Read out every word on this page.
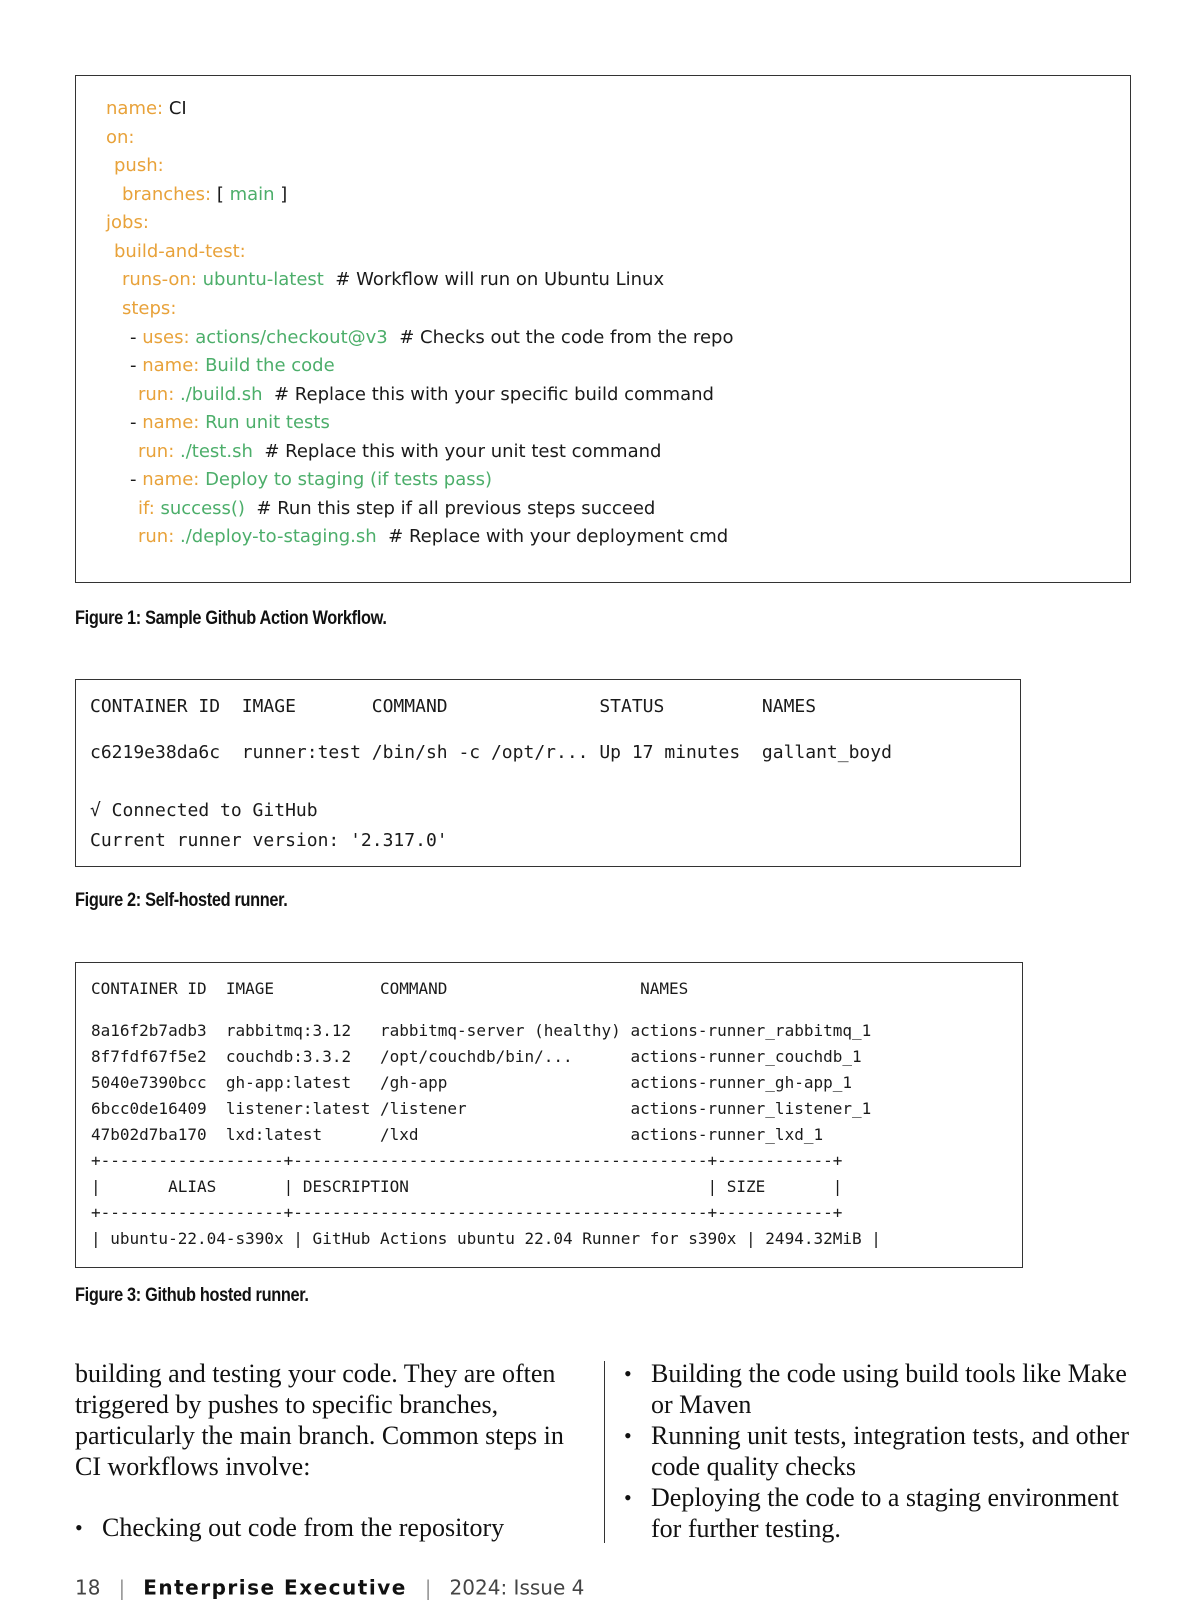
name: CI
on:
push:
branches: [ main ]
jobs:
build-and-test:
runs-on: ubuntu-latest  # Workflow will run on Ubuntu Linux
steps:
- uses: actions/checkout@v3  # Checks out the code from the repo
- name: Build the code
run: ./build.sh  # Replace this with your specific build command
- name: Run unit tests
run: ./test.sh  # Replace this with your unit test command
- name: Deploy to staging (if tests pass)
if: success()  # Run this step if all previous steps succeed
run: ./deploy-to-staging.sh  # Replace with your deployment cmd
Figure 1: Sample Github Action Workflow.
CONTAINER ID  IMAGE       COMMAND              STATUS         NAMES
c6219e38da6c  runner:test /bin/sh -c /opt/r... Up 17 minutes  gallant_boyd
√ Connected to GitHub
Current runner version: '2.317.0'
Figure 2: Self-hosted runner.
CONTAINER ID  IMAGE           COMMAND                    NAMES
8a16f2b7adb3  rabbitmq:3.12   rabbitmq-server (healthy) actions-runner_rabbitmq_1
8f7fdf67f5e2  couchdb:3.3.2   /opt/couchdb/bin/...      actions-runner_couchdb_1
5040e7390bcc  gh-app:latest   /gh-app                   actions-runner_gh-app_1
6bcc0de16409  listener:latest /listener                 actions-runner_listener_1
47b02d7ba170  lxd:latest      /lxd                      actions-runner_lxd_1
+-------------------+-------------------------------------------+------------+
|       ALIAS       | DESCRIPTION                               | SIZE       |
+-------------------+-------------------------------------------+------------+
| ubuntu-22.04-s390x | GitHub Actions ubuntu 22.04 Runner for s390x | 2494.32MiB |
Figure 3: Github hosted runner.
building and testing your code. They are often triggered by pushes to specific branches, particularly the main branch. Common steps in CI workflows involve:
• Checking out code from the repository
• Building the code using build tools like Make or Maven
• Running unit tests, integration tests, and other code quality checks
• Deploying the code to a staging environment for further testing.
18 | Enterprise Executive | 2024: Issue 4
